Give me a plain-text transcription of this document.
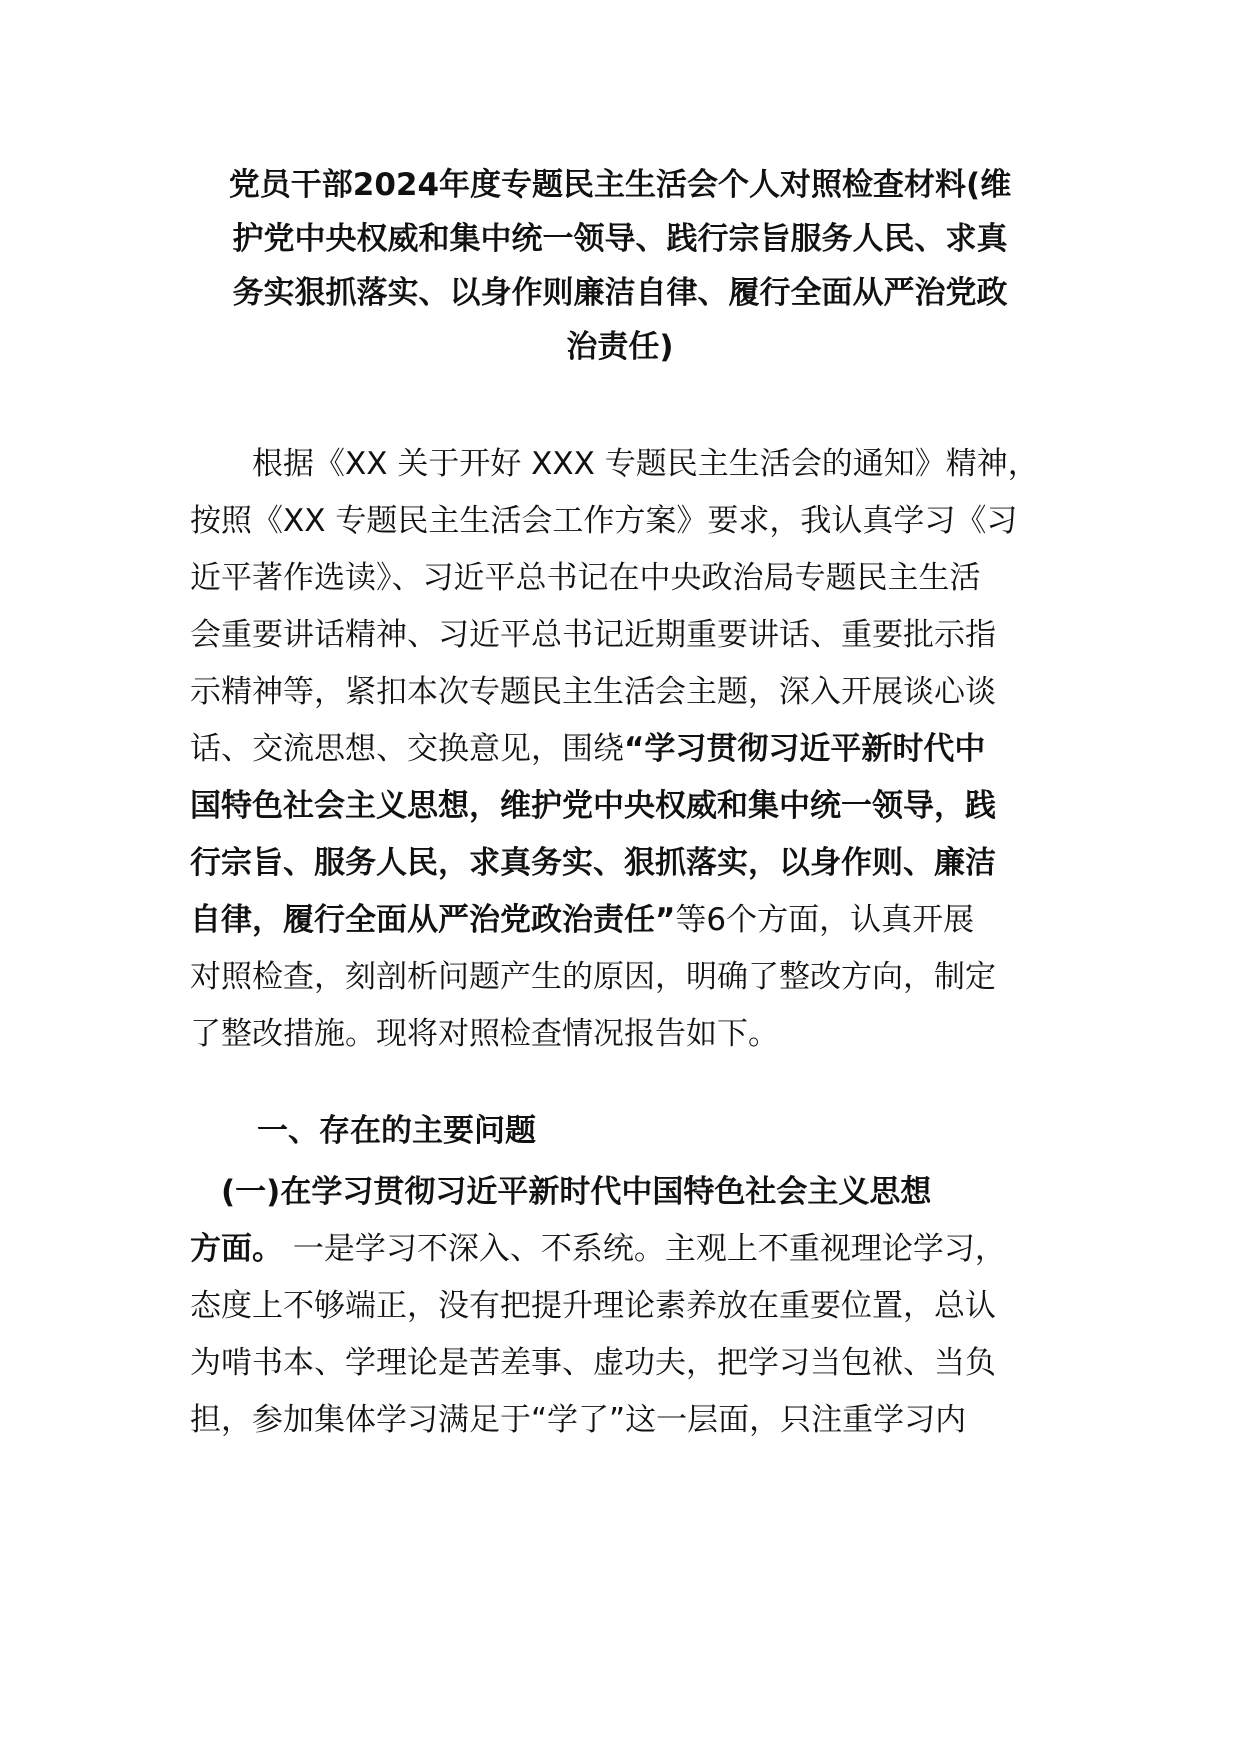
党员干部2024年度专题民主生活会个人对照检查材料(维
护党中央权威和集中统一领导、践行宗旨服务人民、求真
务实狠抓落实、以身作则廉洁自律、履行全面从严治党政
治责任)

　　根据《XX 关于开好 XXX 专题民主生活会的通知》精神，
按照《XX 专题民主生活会工作方案》要求，我认真学习《习
近平著作选读》、习近平总书记在中央政治局专题民主生活
会重要讲话精神、习近平总书记近期重要讲话、重要批示指
示精神等，紧扣本次专题民主生活会主题，深入开展谈心谈
话、交流思想、交换意见，围绕“学习贯彻习近平新时代中
国特色社会主义思想，维护党中央权威和集中统一领导，践
行宗旨、服务人民，求真务实、狠抓落实，以身作则、廉洁
自律，履行全面从严治党政治责任”等6个方面，认真开展
对照检查，刻剖析问题产生的原因，明确了整改方向，制定
了整改措施。现将对照检查情况报告如下。

一、存在的主要问题

　(一)在学习贯彻习近平新时代中国特色社会主义思想
方面。 一是学习不深入、不系统。主观上不重视理论学习，
态度上不够端正，没有把提升理论素养放在重要位置，总认
为啃书本、学理论是苦差事、虚功夫，把学习当包袱、当负
担，参加集体学习满足于“学了”这一层面，只注重学习内
